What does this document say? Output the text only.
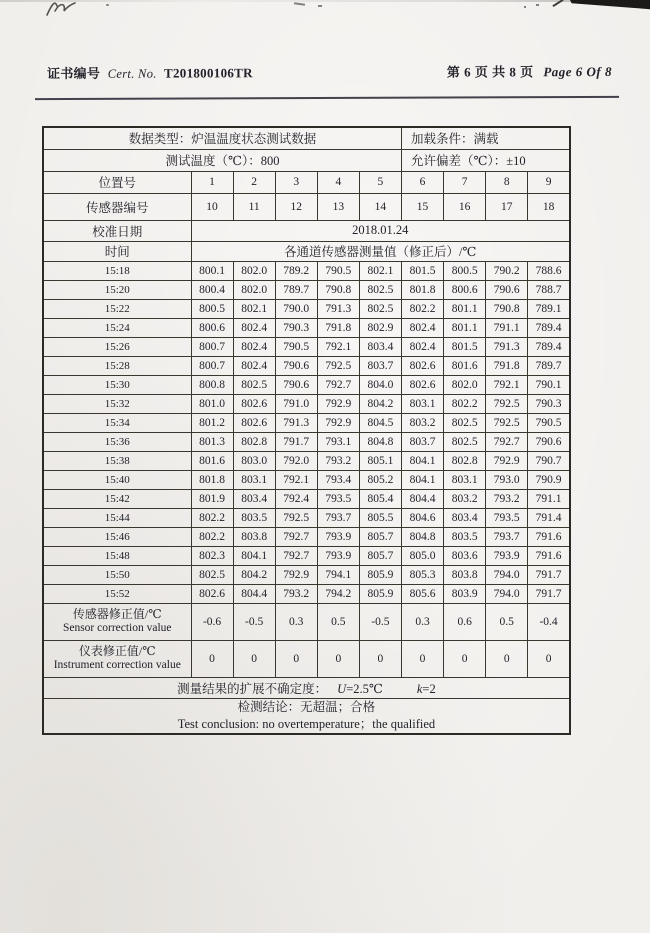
证书编号 Cert. No. T201800106TR	第 6 页 共 8 页 Page 6 Of 8
数据类型：炉温温度状态测试数据						加载条件：满载			
测试温度（℃）：800						允许偏差（℃）：±10			
位置号	1	2	3	4	5	6	7	8	9
传感器编号	10	11	12	13	14	15	16	17	18
校准日期	2018.01.24								
时间	各通道传感器测量值（修正后）/℃								
15:18	800.1	802.0	789.2	790.5	802.1	801.5	800.5	790.2	788.6
15:20	800.4	802.0	789.7	790.8	802.5	801.8	800.6	790.6	788.7
15:22	800.5	802.1	790.0	791.3	802.5	802.2	801.1	790.8	789.1
15:24	800.6	802.4	790.3	791.8	802.9	802.4	801.1	791.1	789.4
15:26	800.7	802.4	790.5	792.1	803.4	802.4	801.5	791.3	789.4
15:28	800.7	802.4	790.6	792.5	803.7	802.6	801.6	791.8	789.7
15:30	800.8	802.5	790.6	792.7	804.0	802.6	802.0	792.1	790.1
15:32	801.0	802.6	791.0	792.9	804.2	803.1	802.2	792.5	790.3
15:34	801.2	802.6	791.3	792.9	804.5	803.2	802.5	792.5	790.5
15:36	801.3	802.8	791.7	793.1	804.8	803.7	802.5	792.7	790.6
15:38	801.6	803.0	792.0	793.2	805.1	804.1	802.8	792.9	790.7
15:40	801.8	803.1	792.1	793.4	805.2	804.1	803.1	793.0	790.9
15:42	801.9	803.4	792.4	793.5	805.4	804.4	803.2	793.2	791.1
15:44	802.2	803.5	792.5	793.7	805.5	804.6	803.4	793.5	791.4
15:46	802.2	803.8	792.7	793.9	805.7	804.8	803.5	793.7	791.6
15:48	802.3	804.1	792.7	793.9	805.7	805.0	803.6	793.9	791.6
15:50	802.5	804.2	792.9	794.1	805.9	805.3	803.8	794.0	791.7
15:52	802.6	804.4	793.2	794.2	805.9	805.6	803.9	794.0	791.7

传感器修正值/℃
Sensor correction value	-0.6	-0.5	0.3	0.5	-0.5	0.3	0.6	0.5	-0.4

仪表修正值/℃
Instrument correction value	0	0	0	0	0	0	0	0	0
测量结果的扩展不确定度： U=2.5℃ k=2									

检测结论：无超温；合格
Test conclusion: no overtemperature；the qualified									
